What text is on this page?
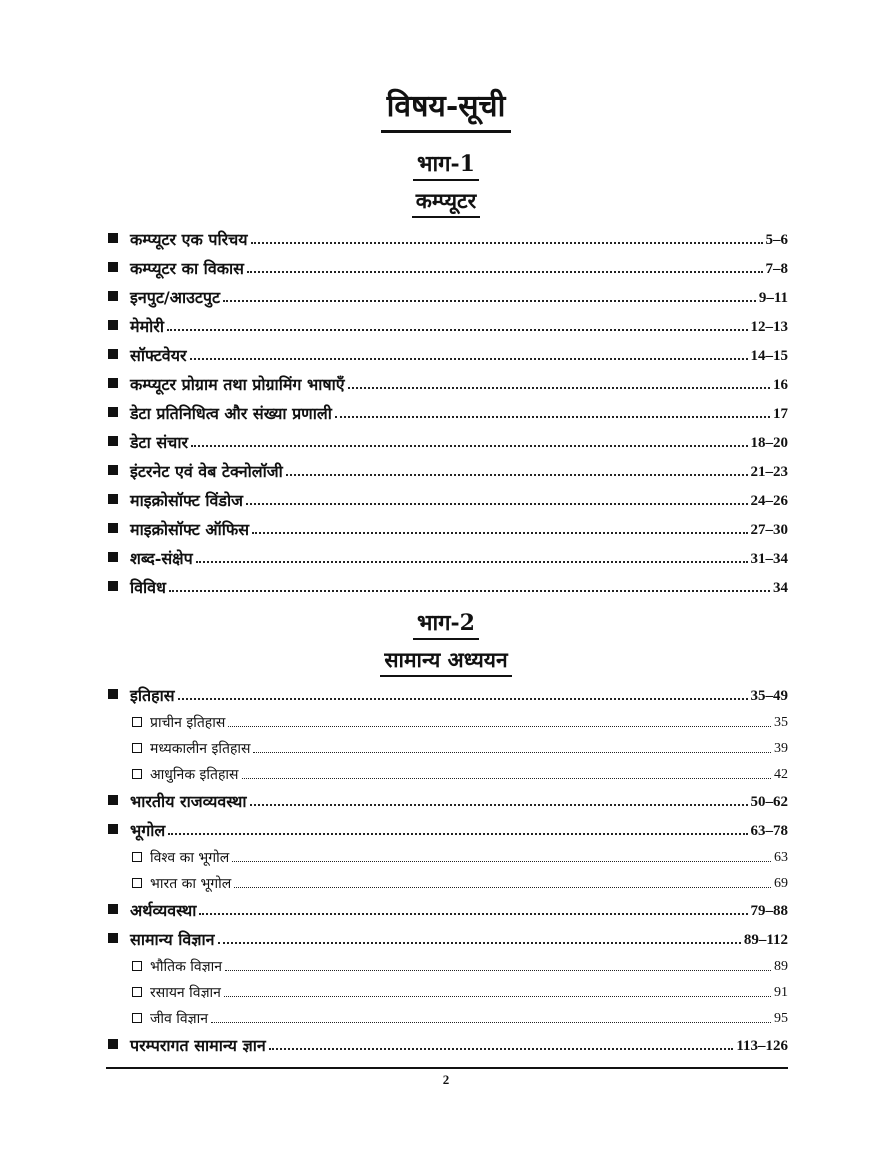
विषय-सूची
भाग-1
कम्प्यूटर
कम्प्यूटर एक परिचय	5–6
कम्प्यूटर का विकास	7–8
इनपुट/आउटपुट	9–11
मेमोरी	12–13
सॉफ्टवेयर	14–15
कम्प्यूटर प्रोग्राम तथा प्रोग्रामिंग भाषाएँ	16
डेटा प्रतिनिधित्व और संख्या प्रणाली	17
डेटा संचार	18–20
इंटरनेट एवं वेब टेक्नोलॉजी	21–23
माइक्रोसॉफ्ट विंडोज	24–26
माइक्रोसॉफ्ट ऑफिस	27–30
शब्द-संक्षेप	31–34
विविध	34
भाग-2
सामान्य अध्ययन
इतिहास	35–49
प्राचीन इतिहास	35
मध्यकालीन इतिहास	39
आधुनिक इतिहास	42
भारतीय राजव्यवस्था	50–62
भूगोल	63–78
विश्व का भूगोल	63
भारत का भूगोल	69
अर्थव्यवस्था	79–88
सामान्य विज्ञान	89–112
भौतिक विज्ञान	89
रसायन विज्ञान	91
जीव विज्ञान	95
परम्परागत सामान्य ज्ञान	113–126
2
